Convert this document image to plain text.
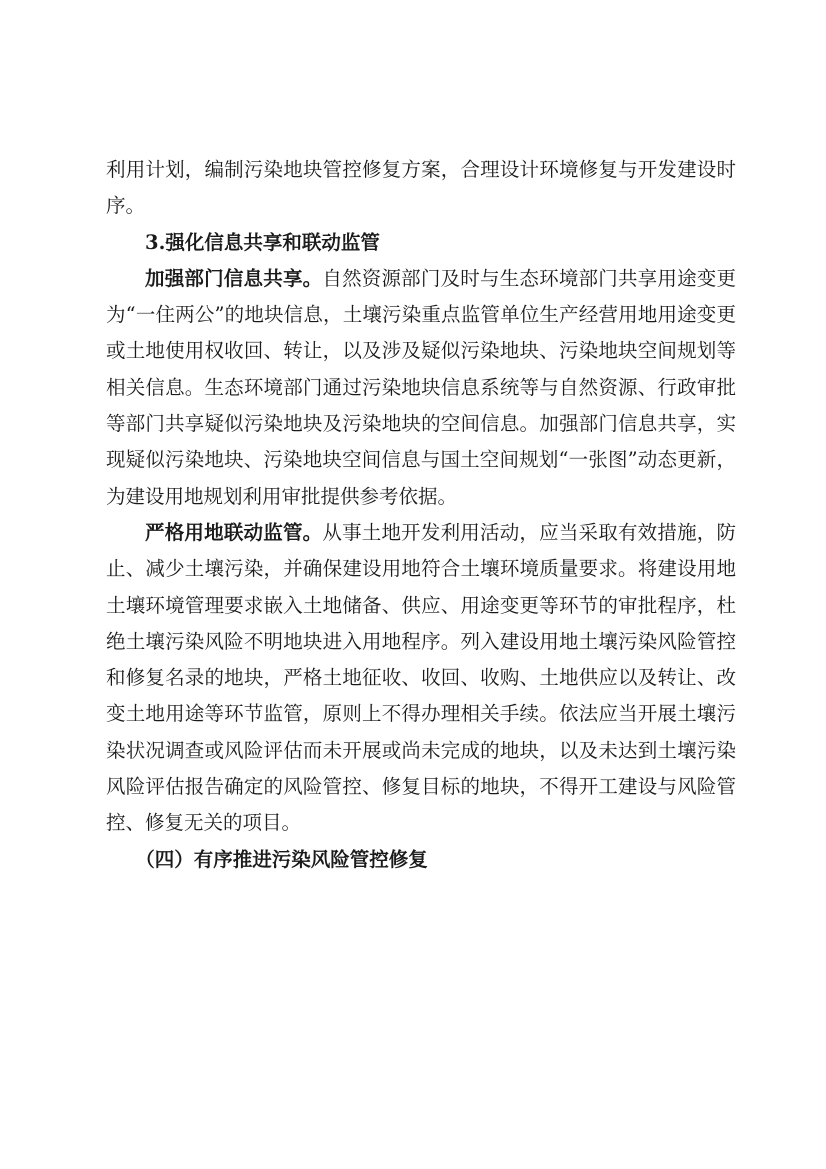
利用计划，编制污染地块管控修复方案，合理设计环境修复与开发建设时序。

3.强化信息共享和联动监管

加强部门信息共享。自然资源部门及时与生态环境部门共享用途变更为“一住两公”的地块信息，土壤污染重点监管单位生产经营用地用途变更或土地使用权收回、转让，以及涉及疑似污染地块、污染地块空间规划等相关信息。生态环境部门通过污染地块信息系统等与自然资源、行政审批等部门共享疑似污染地块及污染地块的空间信息。加强部门信息共享，实现疑似污染地块、污染地块空间信息与国土空间规划“一张图”动态更新，为建设用地规划利用审批提供参考依据。

严格用地联动监管。从事土地开发利用活动，应当采取有效措施，防止、减少土壤污染，并确保建设用地符合土壤环境质量要求。将建设用地土壤环境管理要求嵌入土地储备、供应、用途变更等环节的审批程序，杜绝土壤污染风险不明地块进入用地程序。列入建设用地土壤污染风险管控和修复名录的地块，严格土地征收、收回、收购、土地供应以及转让、改变土地用途等环节监管，原则上不得办理相关手续。依法应当开展土壤污染状况调查或风险评估而未开展或尚未完成的地块，以及未达到土壤污染风险评估报告确定的风险管控、修复目标的地块，不得开工建设与风险管控、修复无关的项目。

（四）有序推进污染风险管控修复
